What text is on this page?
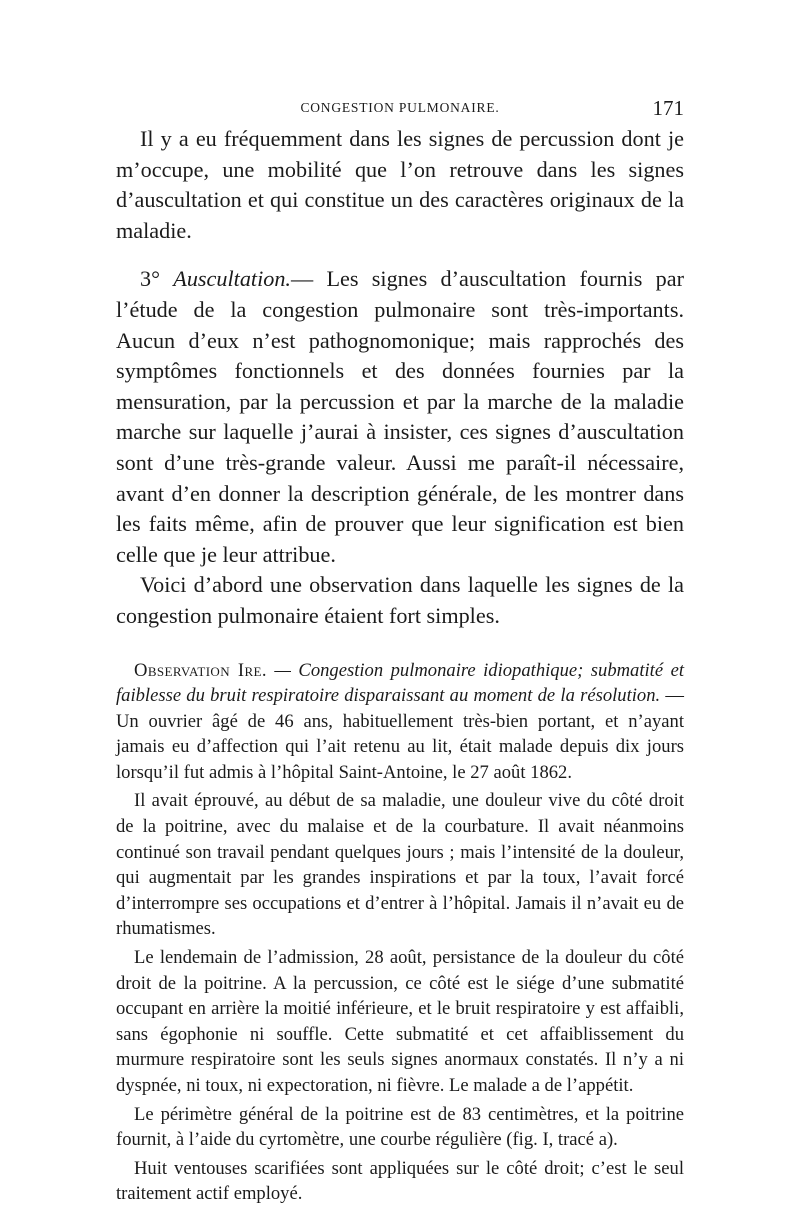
CONGESTION PULMONAIRE.	171

Il y a eu fréquemment dans les signes de percussion dont je m’occupe, une mobilité que l’on retrouve dans les signes d’auscultation et qui constitue un des caractères originaux de la maladie.

3° Auscultation.— Les signes d’auscultation fournis par l’étude de la congestion pulmonaire sont très-importants. Aucun d’eux n’est pathognomonique; mais rapprochés des symptômes fonctionnels et des données fournies par la mensuration, par la percussion et par la marche de la maladie marche sur laquelle j’aurai à insister, ces signes d’auscultation sont d’une très-grande valeur. Aussi me paraît-il nécessaire, avant d’en donner la description générale, de les montrer dans les faits même, afin de prouver que leur signification est bien celle que je leur attribue.

Voici d’abord une observation dans laquelle les signes de la congestion pulmonaire étaient fort simples.

Observation Ire. — Congestion pulmonaire idiopathique; submatité et faiblesse du bruit respiratoire disparaissant au moment de la résolution. — Un ouvrier âgé de 46 ans, habituellement très-bien portant, et n’ayant jamais eu d’affection qui l’ait retenu au lit, était malade depuis dix jours lorsqu’il fut admis à l’hôpital Saint-Antoine, le 27 août 1862.

Il avait éprouvé, au début de sa maladie, une douleur vive du côté droit de la poitrine, avec du malaise et de la courbature. Il avait néanmoins continué son travail pendant quelques jours ; mais l’intensité de la douleur, qui augmentait par les grandes inspirations et par la toux, l’avait forcé d’interrompre ses occupations et d’entrer à l’hôpital. Jamais il n’avait eu de rhumatismes.

Le lendemain de l’admission, 28 août, persistance de la douleur du côté droit de la poitrine. A la percussion, ce côté est le siége d’une submatité occupant en arrière la moitié inférieure, et le bruit respiratoire y est affaibli, sans égophonie ni souffle. Cette submatité et cet affaiblissement du murmure respiratoire sont les seuls signes anormaux constatés. Il n’y a ni dyspnée, ni toux, ni expectoration, ni fièvre. Le malade a de l’appétit.

Le périmètre général de la poitrine est de 83 centimètres, et la poitrine fournit, à l’aide du cyrtomètre, une courbe régulière (fig. I, tracé a).

Huit ventouses scarifiées sont appliquées sur le côté droit; c’est le seul traitement actif employé.
